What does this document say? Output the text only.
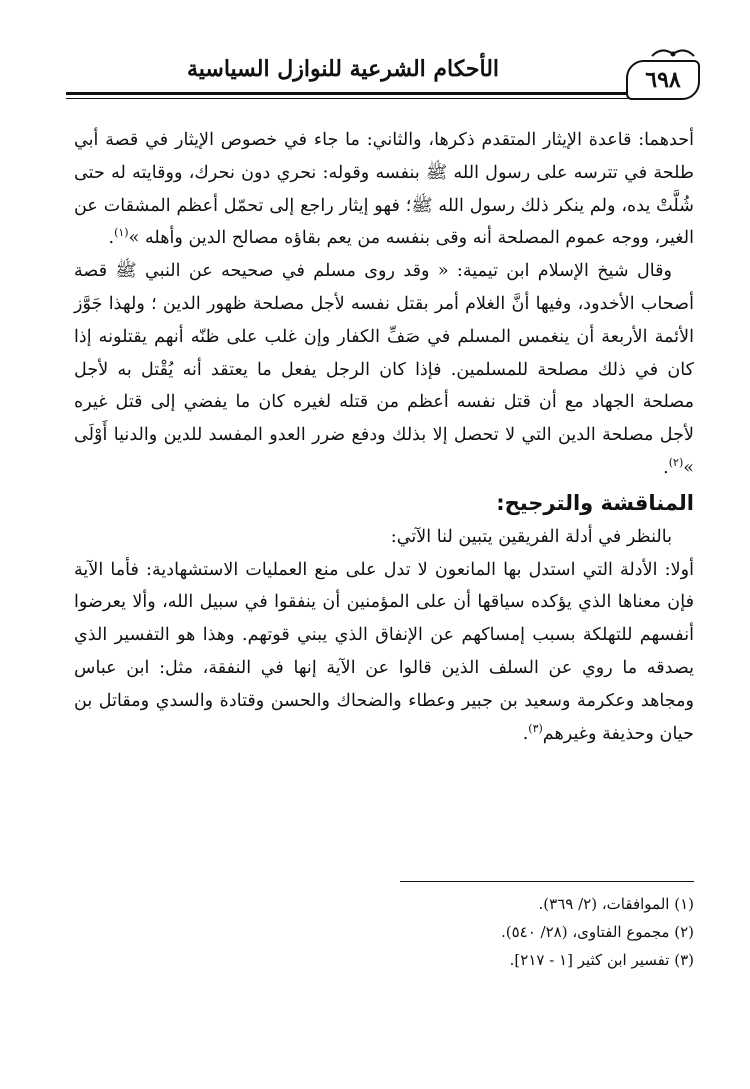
الأحكام الشرعية للنوازل السياسية	٦٩٨

أحدهما: قاعدة الإيثار المتقدم ذكرها، والثاني: ما جاء في خصوص الإيثار في قصة أبي طلحة في تترسه على رسول الله ﷺ بنفسه وقوله: نحري دون نحرك، ووقايته له حتى شُلَّتْ يده، ولم ينكر ذلك رسول الله ﷺ؛ فهو إيثار راجع إلى تحمّل أعظم المشقات عن الغير، ووجه عموم المصلحة أنه وقى بنفسه من يعم بقاؤه مصالح الدين وأهله »$^{(١)}$.

وقال شيخ الإسلام ابن تيمية: « وقد روى مسلم في صحيحه عن النبي ﷺ قصة أصحاب الأخدود، وفيها أنَّ الغلام أمر بقتل نفسه لأجل مصلحة ظهور الدين ؛ ولهذا جَوَّز الأئمة الأربعة أن ينغمس المسلم في صَفِّ الكفار وإن غلب على ظنّه أنهم يقتلونه إذا كان في ذلك مصلحة للمسلمين. فإذا كان الرجل يفعل ما يعتقد أنه يُقْتل به لأجل مصلحة الجهاد مع أن قتل نفسه أعظم من قتله لغيره كان ما يفضي إلى قتل غيره لأجل مصلحة الدين التي لا تحصل إلا بذلك ودفع ضرر العدو المفسد للدين والدنيا أَوْلَى »$^{(٢)}$.

المناقشة والترجيح:

بالنظر في أدلة الفريقين يتبين لنا الآتي:

أولا: الأدلة التي استدل بها المانعون لا تدل على منع العمليات الاستشهادية: فأما الآية فإن معناها الذي يؤكده سياقها أن على المؤمنين أن ينفقوا في سبيل الله، وألا يعرضوا أنفسهم للتهلكة بسبب إمساكهم عن الإنفاق الذي يبني قوتهم. وهذا هو التفسير الذي يصدقه ما روي عن السلف الذين قالوا عن الآية إنها في النفقة، مثل: ابن عباس ومجاهد وعكرمة وسعيد بن جبير وعطاء والضحاك والحسن وقتادة والسدي ومقاتل بن حيان وحذيفة وغيرهم$^{(٣)}$.

(١) الموافقات، (٢/ ٣٦٩).

(٢) مجموع الفتاوى، (٢٨/ ٥٤٠).

(٣) تفسير ابن كثير [١ - ٢١٧].
